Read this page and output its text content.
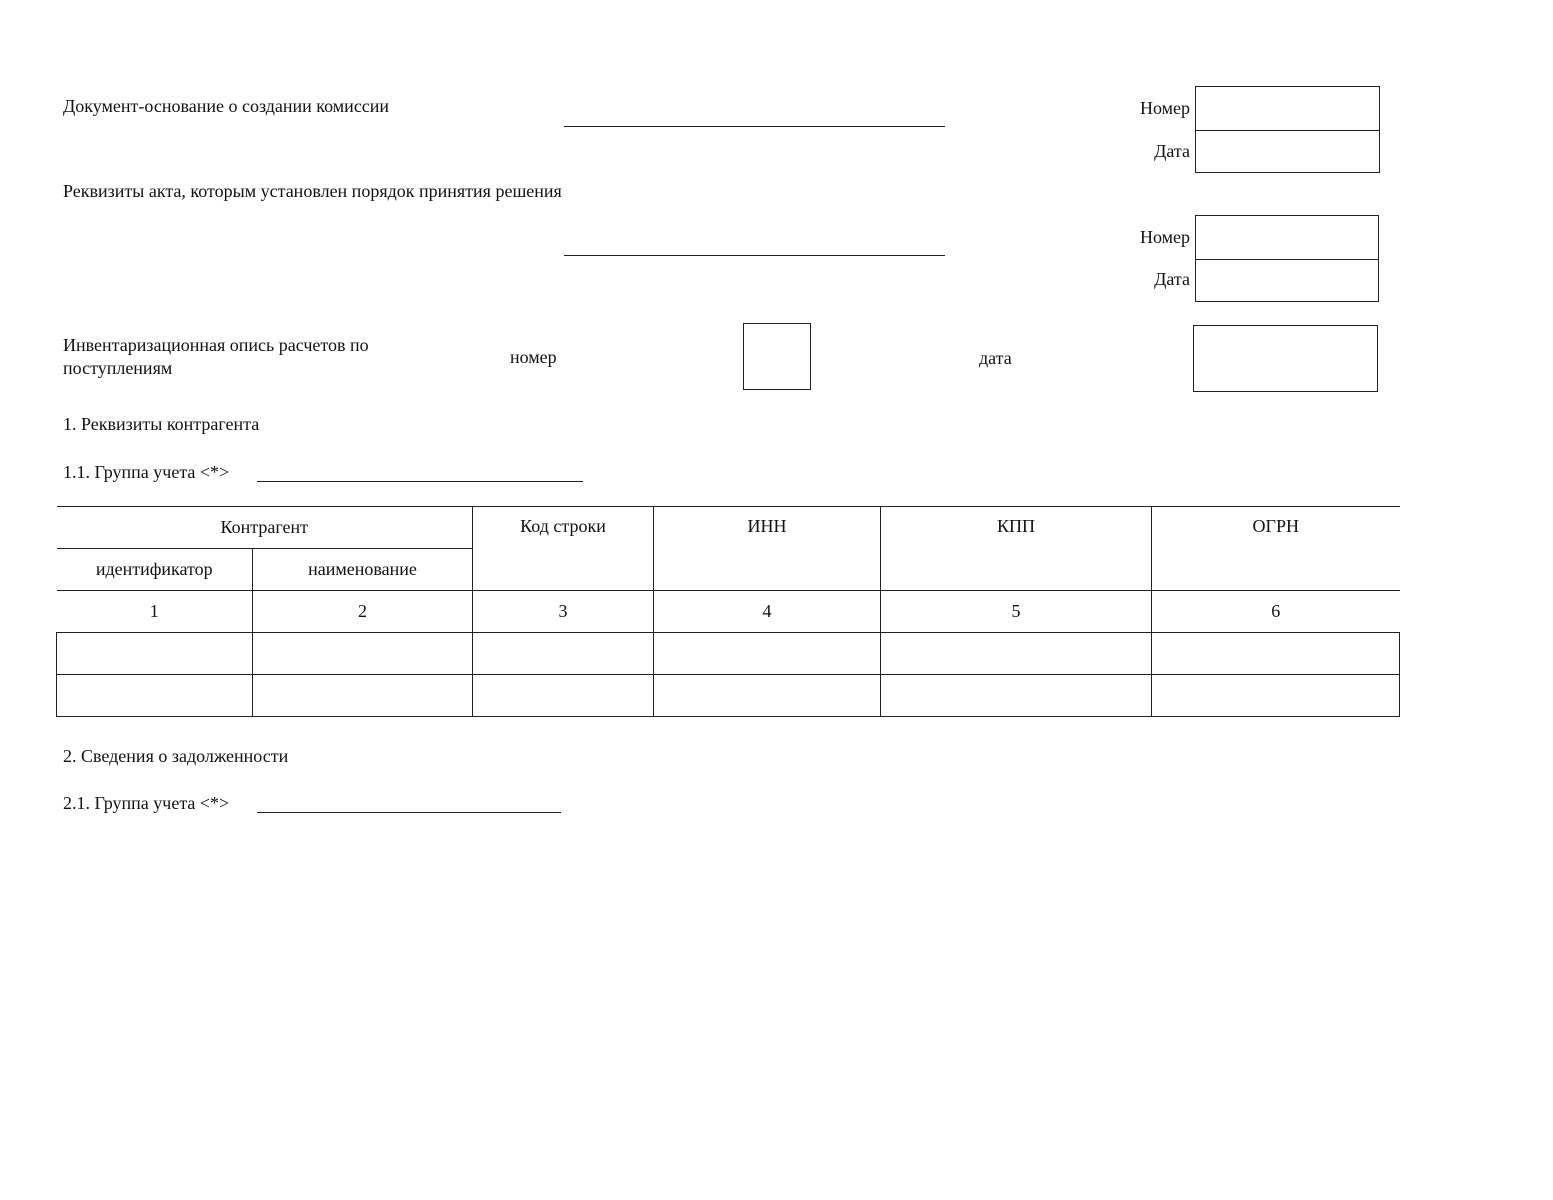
Документ-основание о создании комиссии	Номер
Дата
Реквизиты акта, которым установлен порядок принятия решения
Номер
Дата
Инвентаризационная опись расчетов по поступлениям
номер	дата
1. Реквизиты контрагента
1.1. Группа учета <*>
Контрагент		Код строки	ИНН	КПП	ОГРН
идентификатор	наименование				
1	2	3	4	5	6

2. Сведения о задолженности
2.1. Группа учета <*>
